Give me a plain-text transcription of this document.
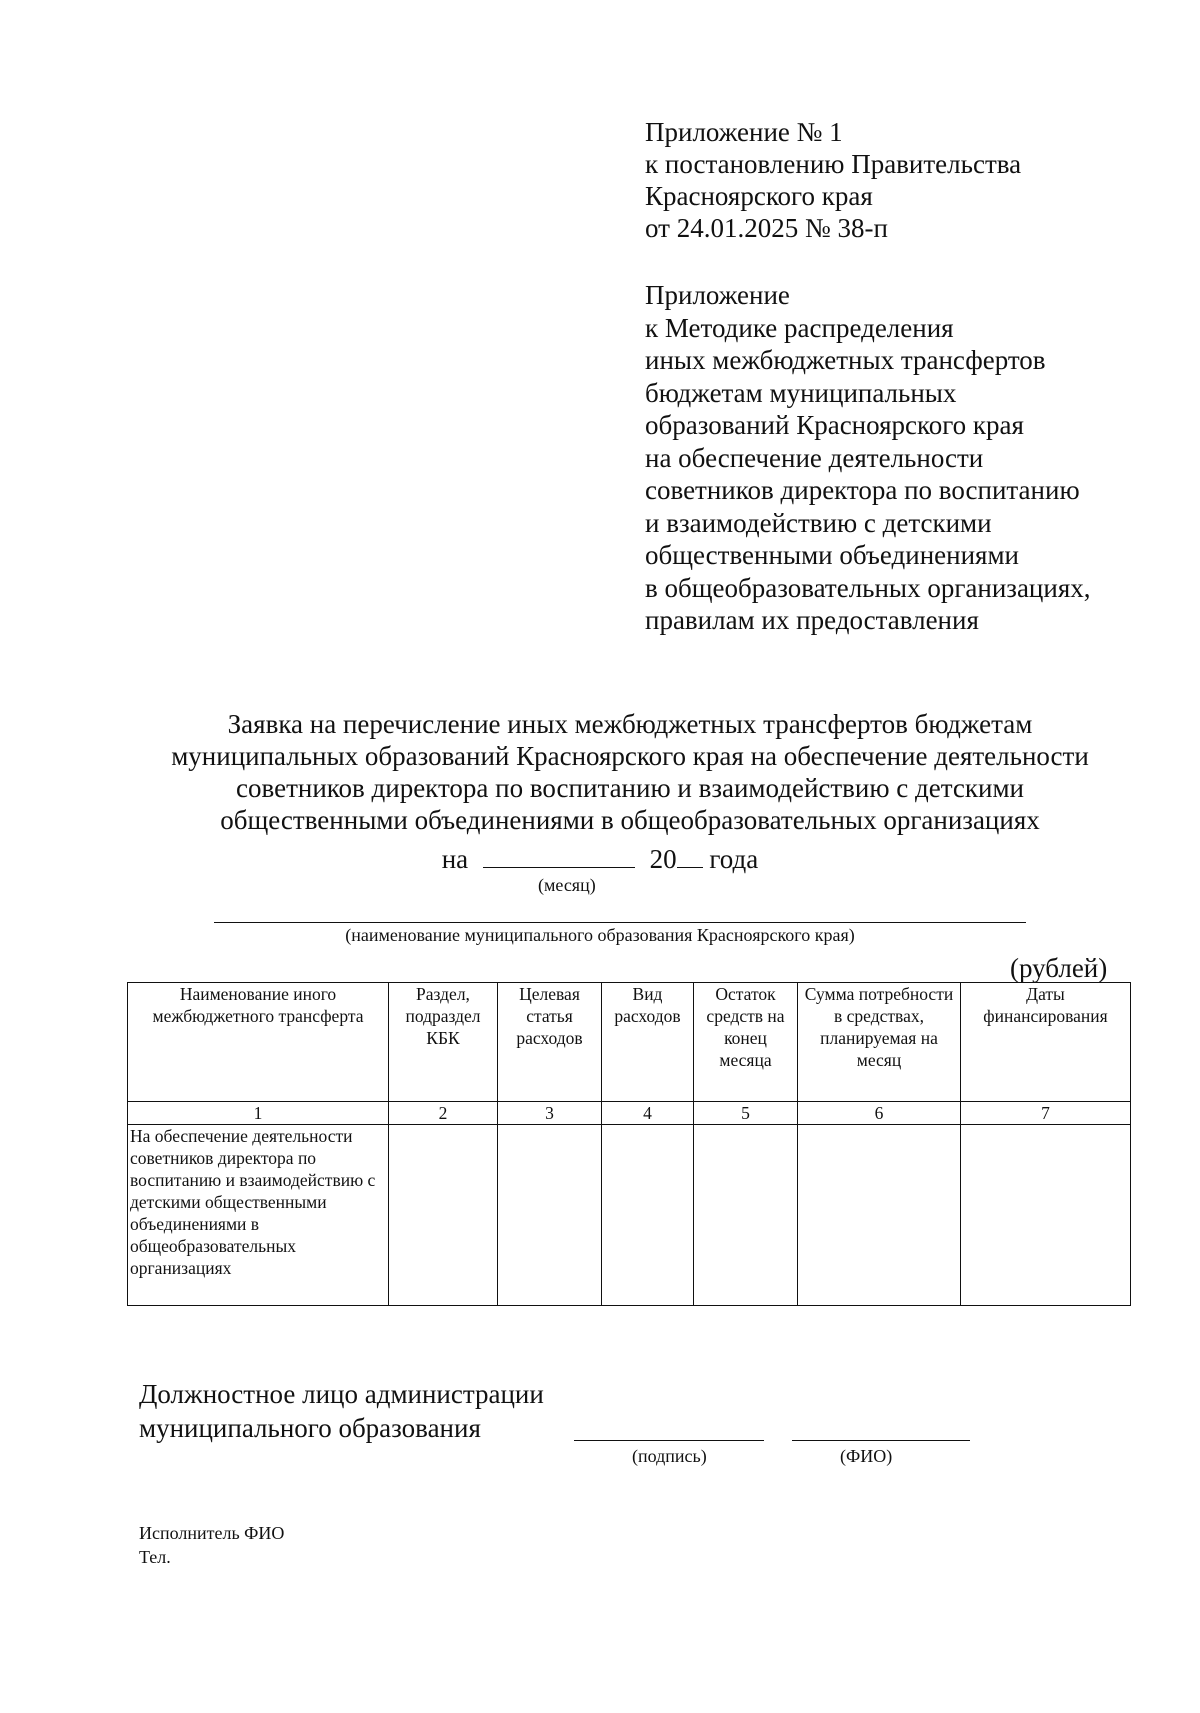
Приложение № 1
к постановлению Правительства
Красноярского края
от 24.01.2025 № 38-п
Приложение
к Методике распределения
иных межбюджетных трансфертов
бюджетам муниципальных
образований Красноярского края
на обеспечение деятельности
советников директора по воспитанию
и взаимодействию с детскими
общественными объединениями
в общеобразовательных организациях,
правилам их предоставления
Заявка на перечисление иных межбюджетных трансфертов бюджетам
муниципальных образований Красноярского края на обеспечение деятельности
советников директора по воспитанию и взаимодействию с детскими
общественными объединениями в общеобразовательных организациях
на	20 года
(месяц)
(наименование муниципального образования Красноярского края)
(рублей)
Наименование иного межбюджетного трансферта	Раздел, подраздел КБК	Целевая статья расходов	Вид расходов	Остаток средств на конец месяца	Сумма потребности в средствах, планируемая на месяц	Даты финансирования
1	2	3	4	5	6	7
На обеспечение деятельности советников директора по воспитанию и взаимодействию с детскими общественными объединениями в общеобразовательных организациях						
Должностное лицо администрации
муниципального образования
(подпись)	(ФИО)
Исполнитель ФИО
Тел.
